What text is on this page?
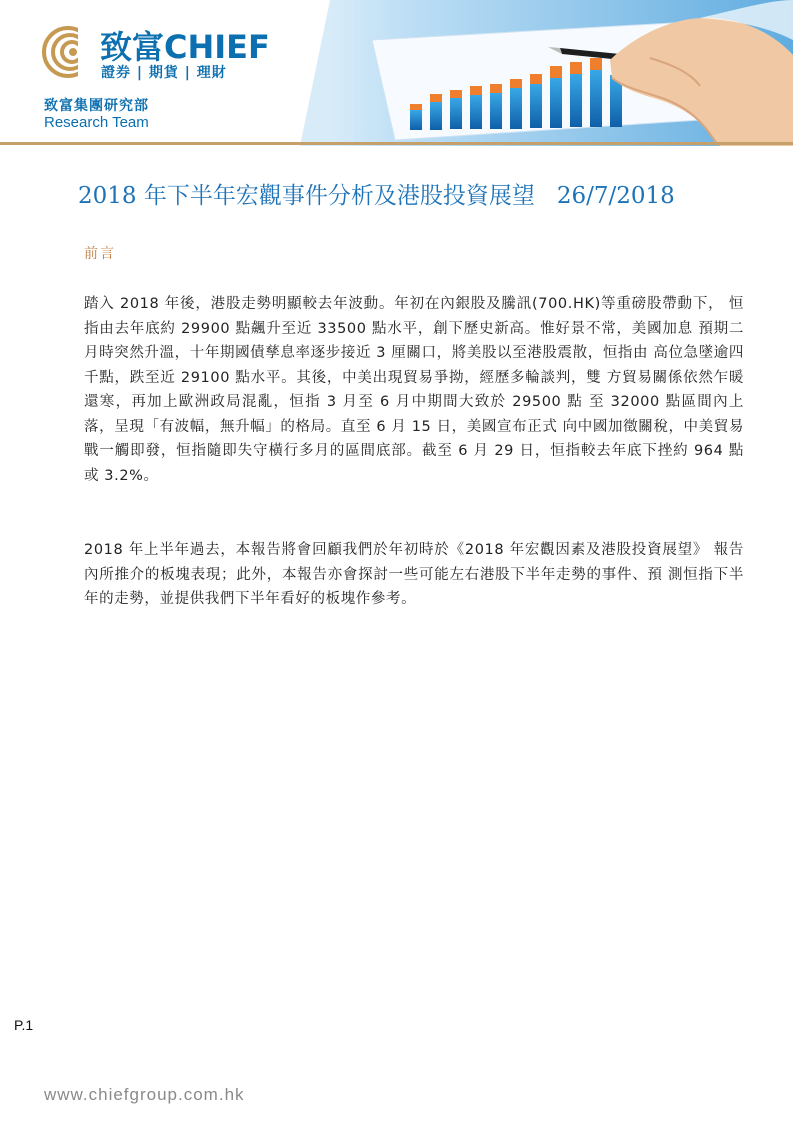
致富CHIEF
證券 | 期貨 | 理財
致富集團研究部
Research Team
2018 年下半年宏觀事件分析及港股投資展望 26/7/2018
前言

踏入 2018 年後，港股走勢明顯較去年波動。年初在內銀股及騰訊(700.HK)等重磅股帶動下， 恒指由去年底約 29900 點飆升至近 33500 點水平，創下歷史新高。惟好景不常，美國加息 預期二月時突然升溫，十年期國債孳息率逐步接近 3 厘關口，將美股以至港股震散，恒指由 高位急墜逾四千點，跌至近 29100 點水平。其後，中美出現貿易爭拗，經歷多輪談判，雙 方貿易關係依然乍暖還寒，再加上歐洲政局混亂，恒指 3 月至 6 月中期間大致於 29500 點 至 32000 點區間內上落，呈現「有波幅，無升幅」的格局。直至 6 月 15 日，美國宣布正式 向中國加徵關稅，中美貿易戰一觸即發，恒指隨即失守橫行多月的區間底部。截至 6 月 29 日，恒指較去年底下挫約 964 點或 3.2%。

2018 年上半年過去，本報告將會回顧我們於年初時於《2018 年宏觀因素及港股投資展望》 報告內所推介的板塊表現；此外，本報告亦會探討一些可能左右港股下半年走勢的事件、預 測恒指下半年的走勢，並提供我們下半年看好的板塊作參考。

P.1
www.chiefgroup.com.hk
